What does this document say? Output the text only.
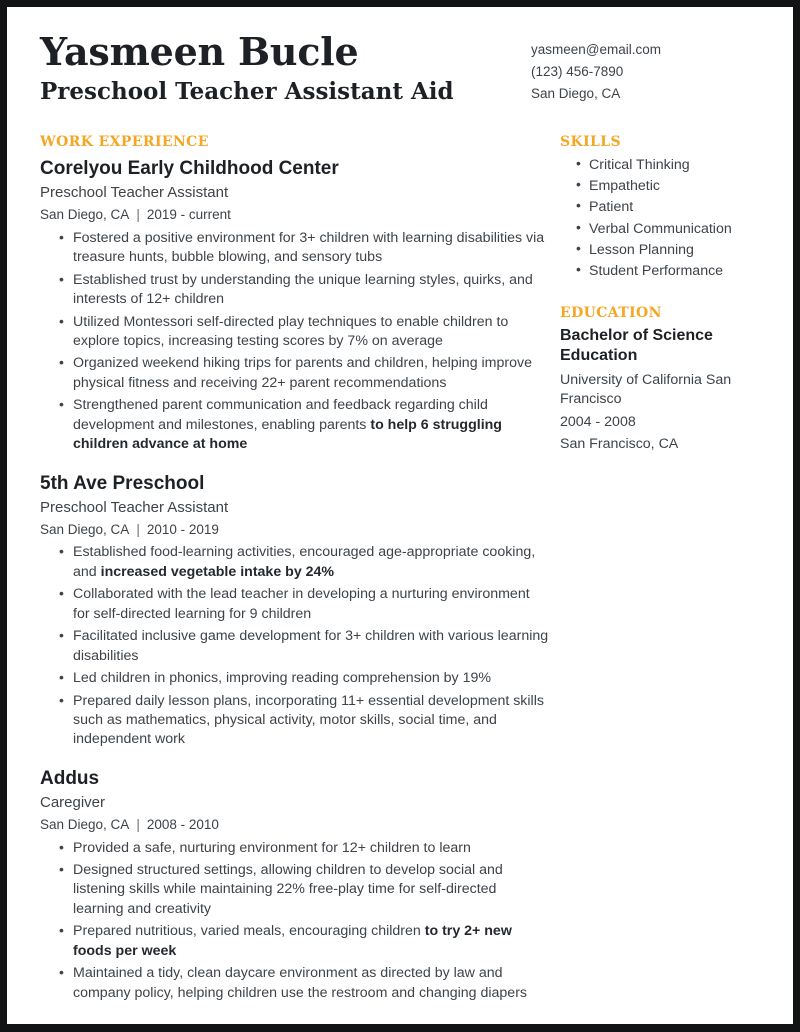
Yasmeen Bucle
Preschool Teacher Assistant Aid
yasmeen@email.com
(123) 456-7890
San Diego, CA
WORK EXPERIENCE

Corelyou Early Childhood Center

Preschool Teacher Assistant

San Diego, CA | 2019 - current

• Fostered a positive environment for 3+ children with learning disabilities via treasure hunts, bubble blowing, and sensory tubs
• Established trust by understanding the unique learning styles, quirks, and interests of 12+ children
• Utilized Montessori self-directed play techniques to enable children to explore topics, increasing testing scores by 7% on average
• Organized weekend hiking trips for parents and children, helping improve physical fitness and receiving 22+ parent recommendations
• Strengthened parent communication and feedback regarding child development and milestones, enabling parents to help 6 struggling children advance at home

5th Ave Preschool

Preschool Teacher Assistant

San Diego, CA | 2010 - 2019

• Established food-learning activities, encouraged age-appropriate cooking, and increased vegetable intake by 24%
• Collaborated with the lead teacher in developing a nurturing environment for self-directed learning for 9 children
• Facilitated inclusive game development for 3+ children with various learning disabilities
• Led children in phonics, improving reading comprehension by 19%
• Prepared daily lesson plans, incorporating 11+ essential development skills such as mathematics, physical activity, motor skills, social time, and independent work

Addus

Caregiver

San Diego, CA | 2008 - 2010

• Provided a safe, nurturing environment for 12+ children to learn
• Designed structured settings, allowing children to develop social and listening skills while maintaining 22% free-play time for self-directed learning and creativity
• Prepared nutritious, varied meals, encouraging children to try 2+ new foods per week
• Maintained a tidy, clean daycare environment as directed by law and company policy, helping children use the restroom and changing diapers
SKILLS
• Critical Thinking
• Empathetic
• Patient
• Verbal Communication
• Lesson Planning
• Student Performance
EDUCATION

Bachelor of Science Education

University of California San Francisco

2004 - 2008

San Francisco, CA
